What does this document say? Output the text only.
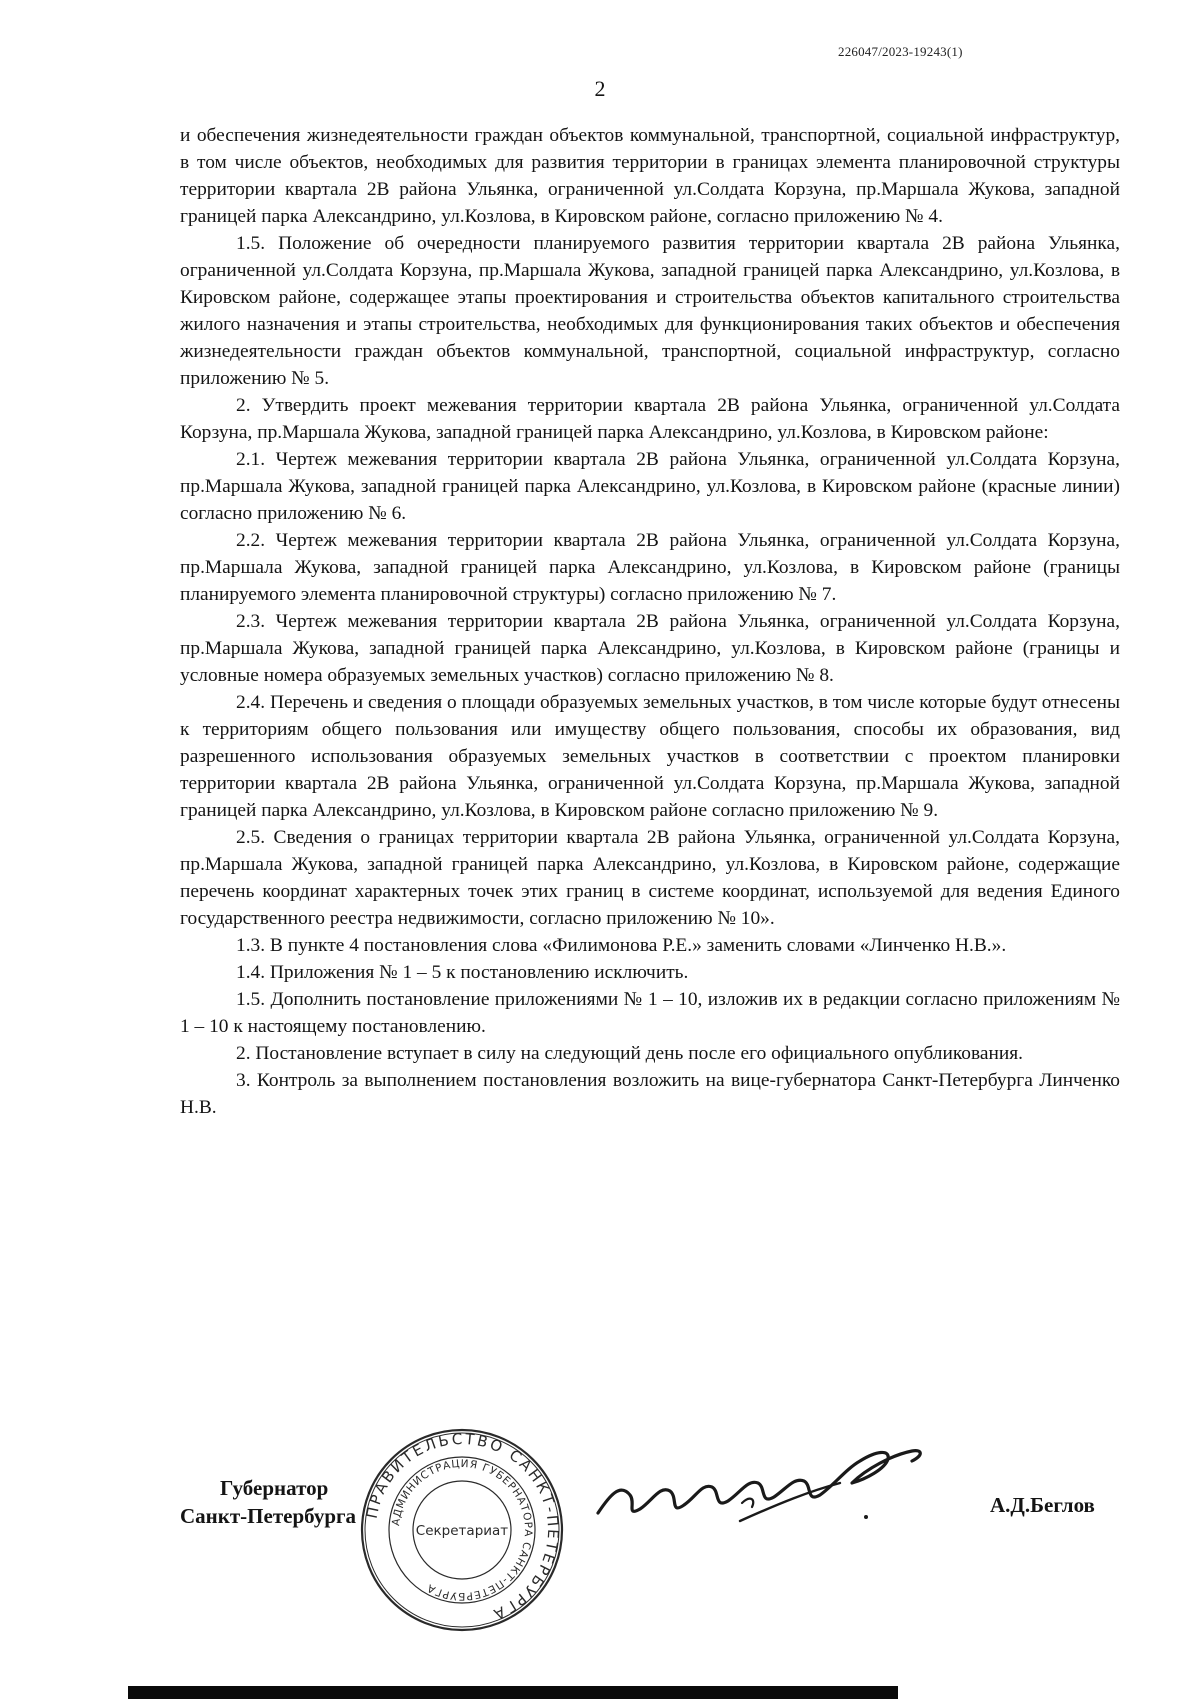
226047/2023-19243(1)
2

и обеспечения жизнедеятельности граждан объектов коммунальной, транспортной, социальной инфраструктур, в том числе объектов, необходимых для развития территории в границах элемента планировочной структуры территории квартала 2В района Ульянка, ограниченной ул.Солдата Корзуна, пр.Маршала Жукова, западной границей парка Александрино, ул.Козлова, в Кировском районе, согласно приложению № 4.

1.5. Положение об очередности планируемого развития территории квартала 2В района Ульянка, ограниченной ул.Солдата Корзуна, пр.Маршала Жукова, западной границей парка Александрино, ул.Козлова, в Кировском районе, содержащее этапы проектирования и строительства объектов капитального строительства жилого назначения и этапы строительства, необходимых для функционирования таких объектов и обеспечения жизнедеятельности граждан объектов коммунальной, транспортной, социальной инфраструктур, согласно приложению № 5.

2. Утвердить проект межевания территории квартала 2В района Ульянка, ограниченной ул.Солдата Корзуна, пр.Маршала Жукова, западной границей парка Александрино, ул.Козлова, в Кировском районе:

2.1. Чертеж межевания территории квартала 2В района Ульянка, ограниченной ул.Солдата Корзуна, пр.Маршала Жукова, западной границей парка Александрино, ул.Козлова, в Кировском районе (красные линии) согласно приложению № 6.

2.2. Чертеж межевания территории квартала 2В района Ульянка, ограниченной ул.Солдата Корзуна, пр.Маршала Жукова, западной границей парка Александрино, ул.Козлова, в Кировском районе (границы планируемого элемента планировочной структуры) согласно приложению № 7.

2.3. Чертеж межевания территории квартала 2В района Ульянка, ограниченной ул.Солдата Корзуна, пр.Маршала Жукова, западной границей парка Александрино, ул.Козлова, в Кировском районе (границы и условные номера образуемых земельных участков) согласно приложению № 8.

2.4. Перечень и сведения о площади образуемых земельных участков, в том числе которые будут отнесены к территориям общего пользования или имуществу общего пользования, способы их образования, вид разрешенного использования образуемых земельных участков в соответствии с проектом планировки территории квартала 2В района Ульянка, ограниченной ул.Солдата Корзуна, пр.Маршала Жукова, западной границей парка Александрино, ул.Козлова, в Кировском районе согласно приложению № 9.

2.5. Сведения о границах территории квартала 2В района Ульянка, ограниченной ул.Солдата Корзуна, пр.Маршала Жукова, западной границей парка Александрино, ул.Козлова, в Кировском районе, содержащие перечень координат характерных точек этих границ в системе координат, используемой для ведения Единого государственного реестра недвижимости, согласно приложению № 10».

1.3. В пункте 4 постановления слова «Филимонова Р.Е.» заменить словами «Линченко Н.В.».

1.4. Приложения № 1 – 5 к постановлению исключить.

1.5. Дополнить постановление приложениями № 1 – 10, изложив их в редакции согласно приложениям № 1 – 10 к настоящему постановлению.

2. Постановление вступает в силу на следующий день после его официального опубликования.

3. Контроль за выполнением постановления возложить на вице-губернатора Санкт-Петербурга Линченко Н.В.

Губернатор
Санкт-Петербурга ПРАВИТЕЛЬСТВО САНКТ-ПЕТЕРБУРГА
АДМИНИСТРАЦИЯ ГУБЕРНАТОРА САНКТ-ПЕТЕРБУРГА
Секретариат
А.Д.Беглов
